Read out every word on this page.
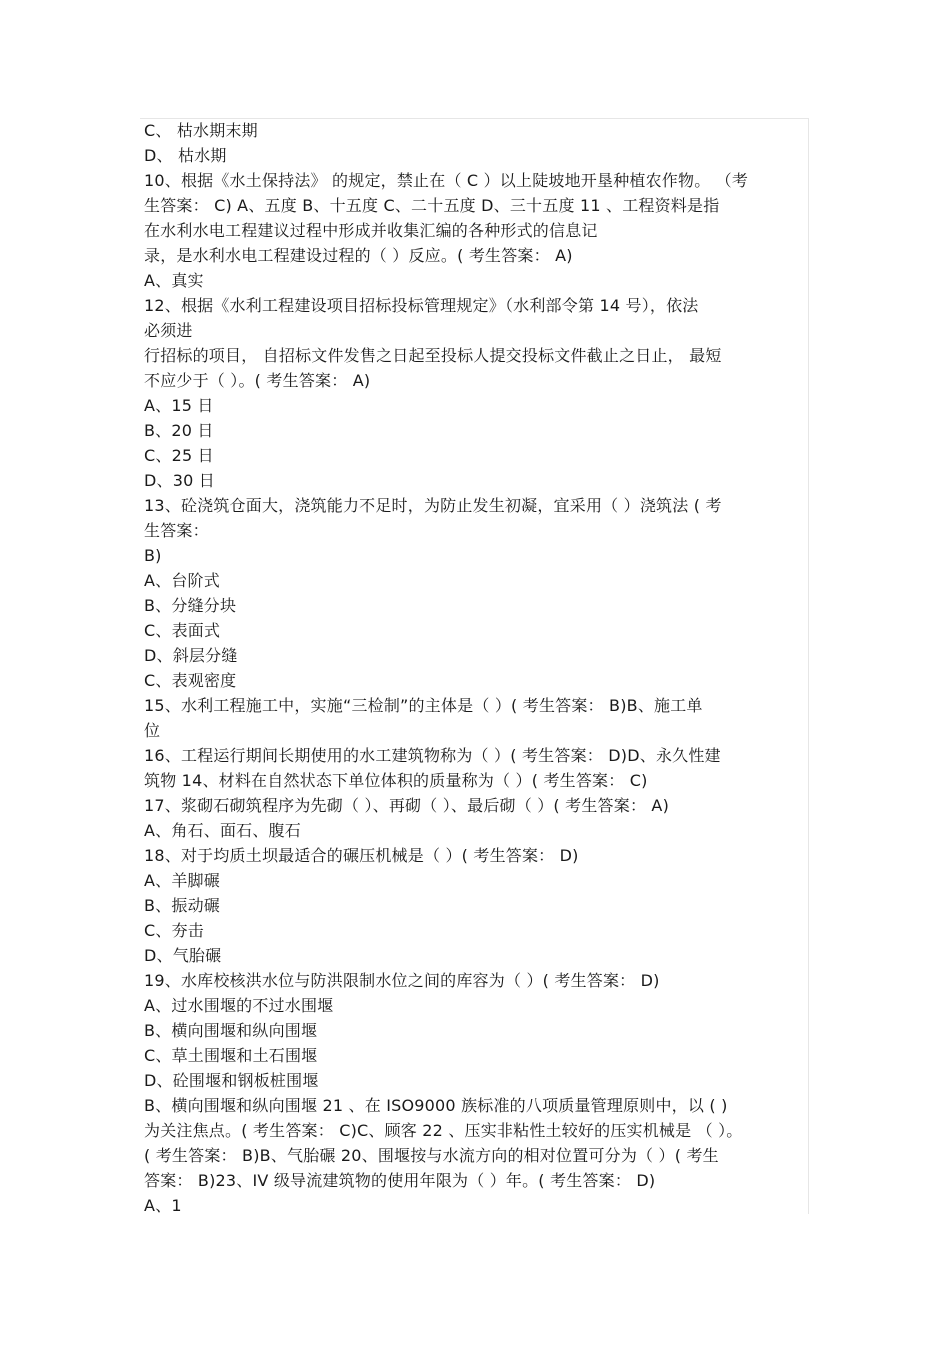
C、 枯水期末期
D、 枯水期
10、根据《水土保持法》 的规定，禁止在（ C ）以上陡坡地开垦种植农作物。 （考
生答案： C) A、五度 B、十五度 C、二十五度 D、三十五度 11 、工程资料是指
在水利水电工程建议过程中形成并收集汇编的各种形式的信息记
录，是水利水电工程建设过程的（ ）反应。( 考生答案： A)
A、真实
12、根据《水利工程建设项目招标投标管理规定》（水利部令第 14 号），依法
必须进
行招标的项目， 自招标文件发售之日起至投标人提交投标文件截止之日止， 最短
不应少于（ ）。( 考生答案： A)
A、15 日
B、20 日
C、25 日
D、30 日
13、砼浇筑仓面大，浇筑能力不足时，为防止发生初凝，宜采用（ ）浇筑法 ( 考
生答案：
B)
A、台阶式
B、分缝分块
C、表面式
D、斜层分缝
C、表观密度
15、水利工程施工中，实施“三检制”的主体是（ ）( 考生答案： B)B、施工单
位
16、工程运行期间长期使用的水工建筑物称为（ ）( 考生答案： D)D、永久性建
筑物 14、材料在自然状态下单位体积的质量称为（ ）( 考生答案： C)
17、浆砌石砌筑程序为先砌（ ）、再砌（ ）、最后砌（ ）( 考生答案： A)
A、角石、面石、腹石
18、对于均质土坝最适合的碾压机械是（ ）( 考生答案： D)
A、羊脚碾
B、振动碾
C、夯击
D、气胎碾
19、水库校核洪水位与防洪限制水位之间的库容为（ ）( 考生答案： D)
A、过水围堰的不过水围堰
B、横向围堰和纵向围堰
C、草土围堰和土石围堰
D、砼围堰和钢板桩围堰
B、横向围堰和纵向围堰 21 、在 ISO9000 族标准的八项质量管理原则中，以 ( )
为关注焦点。( 考生答案： C)C、顾客 22 、压实非粘性土较好的压实机械是 （ ）。
( 考生答案： B)B、气胎碾 20、围堰按与水流方向的相对位置可分为（ ）( 考生
答案： B)23、IV 级导流建筑物的使用年限为（ ）年。( 考生答案： D)
A、1
